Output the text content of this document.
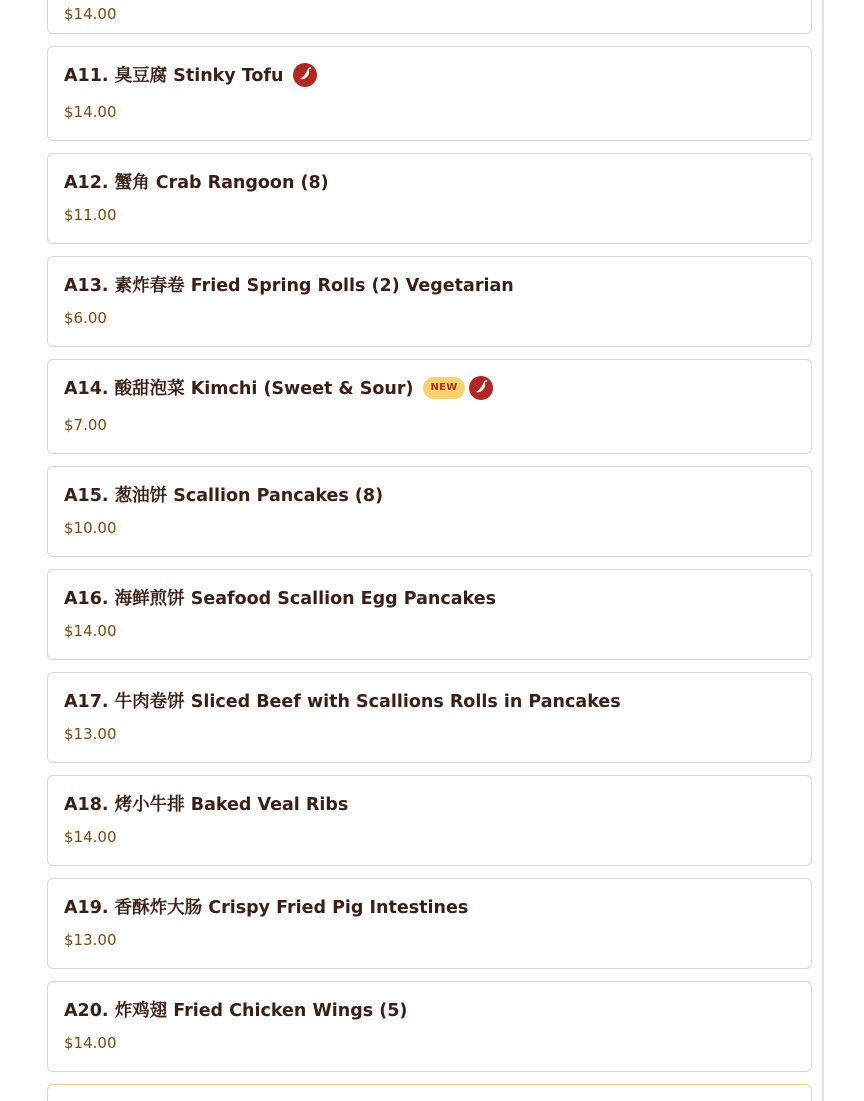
$14.00
A11. 臭豆腐 Stinky Tofu
$14.00
A12. 蟹角 Crab Rangoon (8)
$11.00
A13. 素炸春卷 Fried Spring Rolls (2) Vegetarian
$6.00
A14. 酸甜泡菜 Kimchi (Sweet & Sour)	NEW
$7.00
A15. 葱油饼 Scallion Pancakes (8)
$10.00
A16. 海鲜煎饼 Seafood Scallion Egg Pancakes
$14.00
A17. 牛肉卷饼 Sliced Beef with Scallions Rolls in Pancakes
$13.00
A18. 烤小牛排 Baked Veal Ribs
$14.00
A19. 香酥炸大肠 Crispy Fried Pig Intestines
$13.00
A20. 炸鸡翅 Fried Chicken Wings (5)
$14.00
